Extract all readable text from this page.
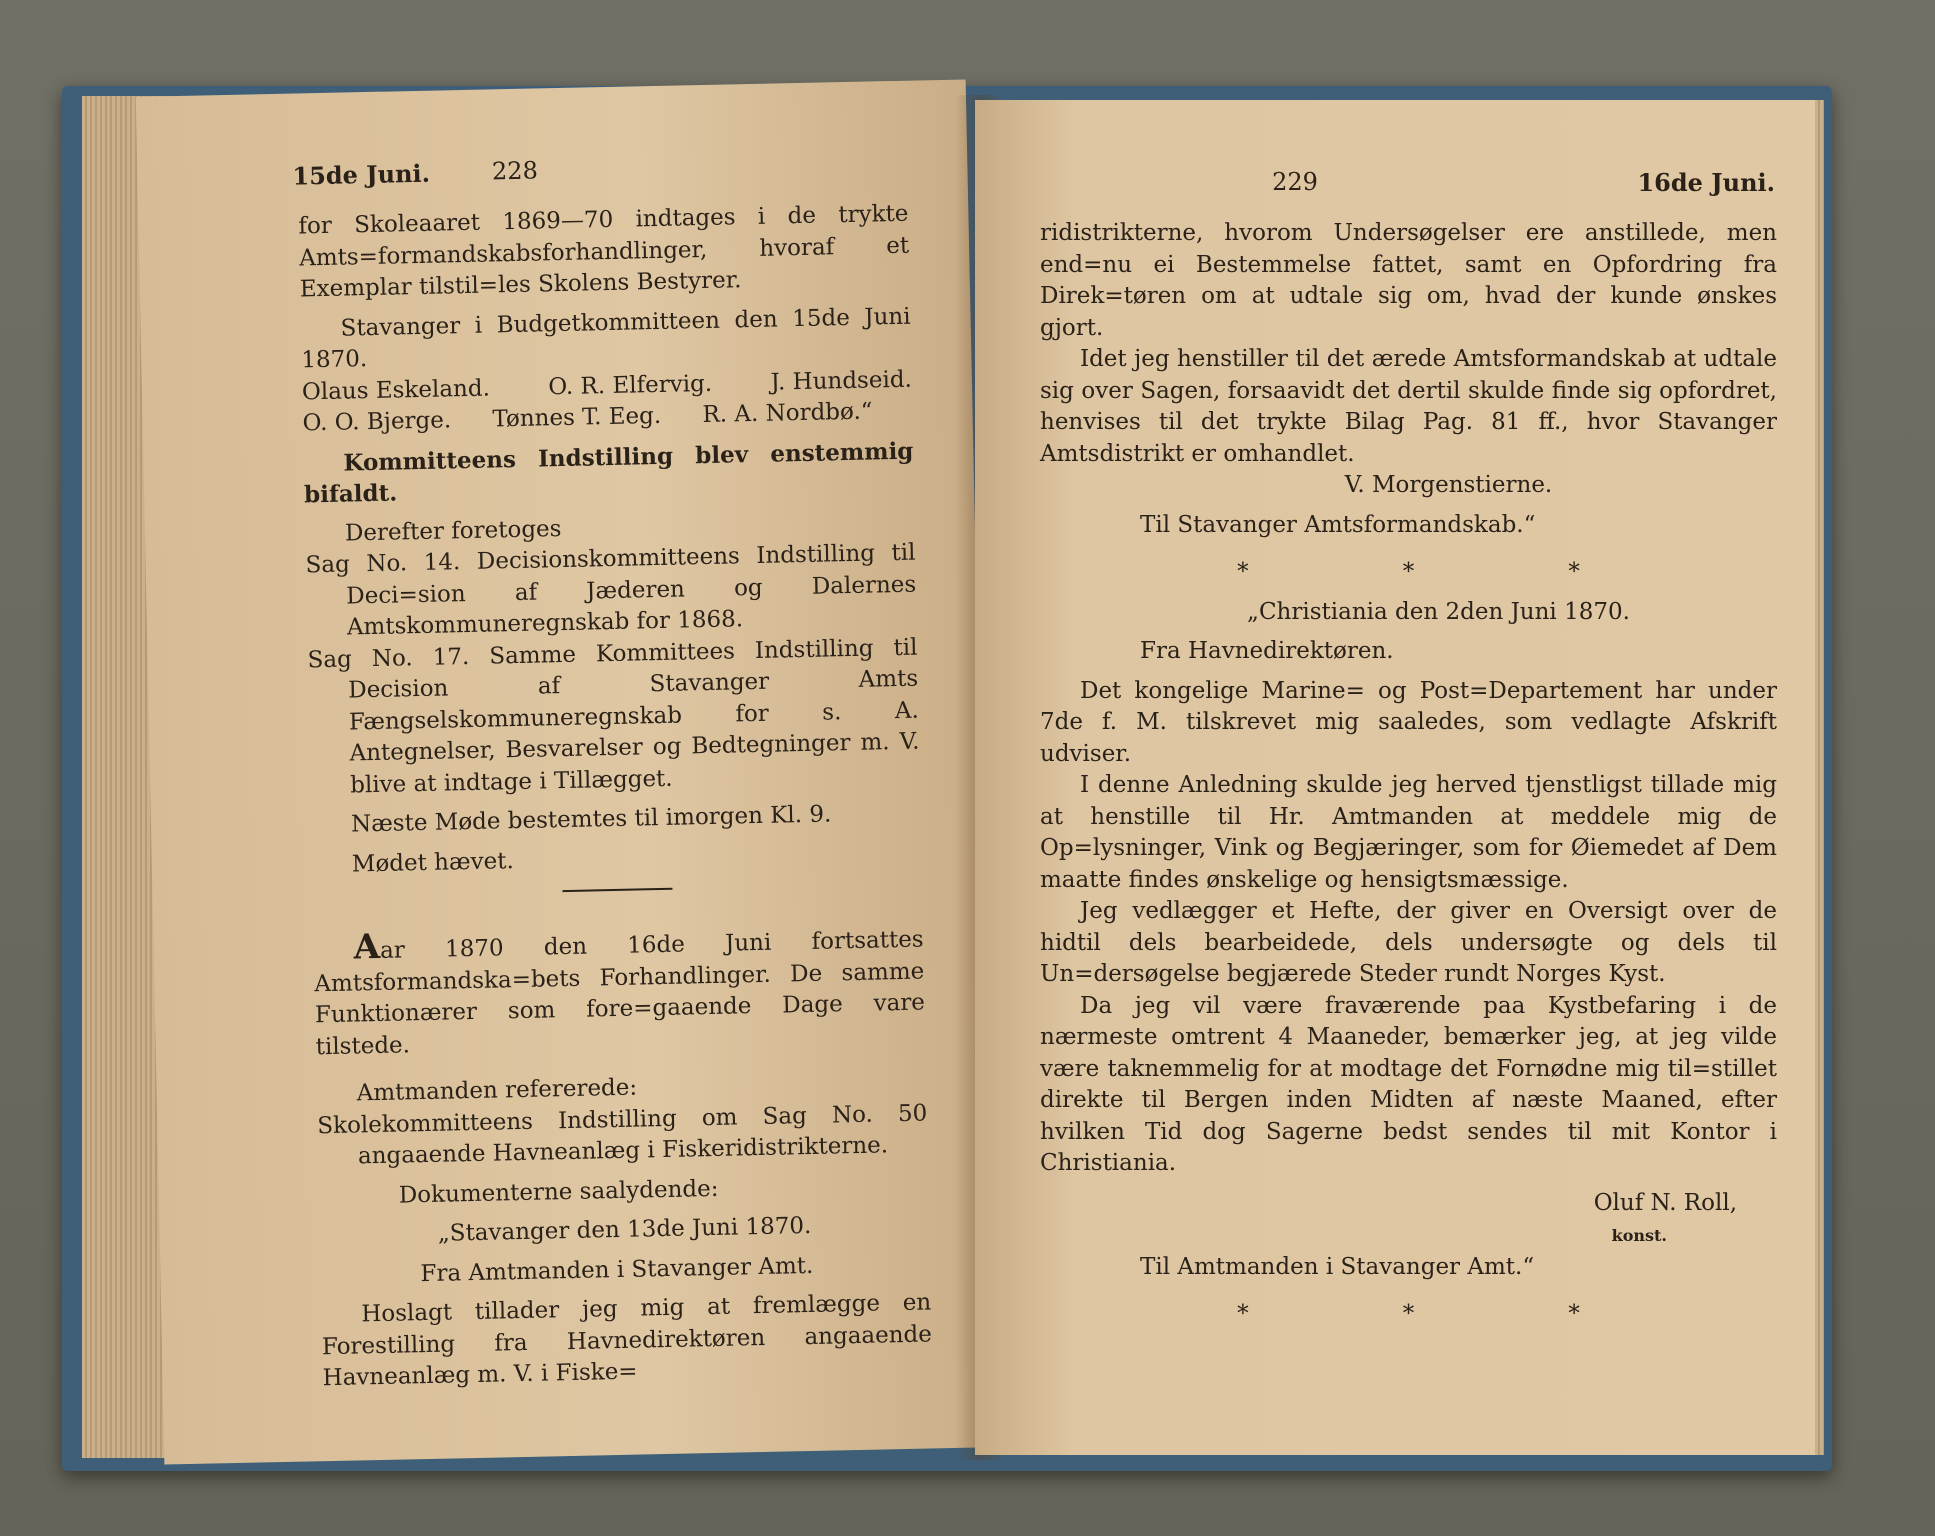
15de Juni.	228

for Skoleaaret 1869—70 indtages i de trykte Amts=formandskabsforhandlinger, hvoraf et Exemplar tilstil=les Skolens Bestyrer.

Stavanger i Budgetkommitteen den 15de Juni 1870.

Olaus Eskeland.	O. R. Elfervig.	J. Hundseid.
O. O. Bjerge. Tønnes T. Eeg. R. A. Nordbø.“

Kommitteens Indstilling blev enstemmig bifaldt.

Derefter foretoges

Sag No. 14. Decisionskommitteens Indstilling til Deci=sion af Jæderen og Dalernes Amtskommuneregnskab for 1868.

Sag No. 17. Samme Kommittees Indstilling til Decision af Stavanger Amts Fængselskommuneregnskab for s. A. Antegnelser, Besvarelser og Bedtegninger m. V. blive at indtage i Tillægget.

Næste Møde bestemtes til imorgen Kl. 9.

Mødet hævet.

Aar 1870 den 16de Juni fortsattes Amtsformandska=bets Forhandlinger. De samme Funktionærer som fore=gaaende Dage vare tilstede.

Amtmanden refererede:

Skolekommitteens Indstilling om Sag No. 50 angaaende Havneanlæg i Fiskeridistrikterne.

Dokumenterne saalydende:

„Stavanger den 13de Juni 1870.

Fra Amtmanden i Stavanger Amt.

Hoslagt tillader jeg mig at fremlægge en Forestilling fra Havnedirektøren angaaende Havneanlæg m. V. i Fiske=

229	16de Juni.

ridistrikterne, hvorom Undersøgelser ere anstillede, men end=nu ei Bestemmelse fattet, samt en Opfordring fra Direk=tøren om at udtale sig om, hvad der kunde ønskes gjort.

Idet jeg henstiller til det ærede Amtsformandskab at udtale sig over Sagen, forsaavidt det dertil skulde finde sig opfordret, henvises til det trykte Bilag Pag. 81 ff., hvor Stavanger Amtsdistrikt er omhandlet.

V. Morgenstierne.

Til Stavanger Amtsformandskab.“

*	*	*

„Christiania den 2den Juni 1870.

Fra Havnedirektøren.

Det kongelige Marine= og Post=Departement har under 7de f. M. tilskrevet mig saaledes, som vedlagte Afskrift udviser.

I denne Anledning skulde jeg herved tjenstligst tillade mig at henstille til Hr. Amtmanden at meddele mig de Op=lysninger, Vink og Begjæringer, som for Øiemedet af Dem maatte findes ønskelige og hensigtsmæssige.

Jeg vedlægger et Hefte, der giver en Oversigt over de hidtil dels bearbeidede, dels undersøgte og dels til Un=dersøgelse begjærede Steder rundt Norges Kyst.

Da jeg vil være fraværende paa Kystbefaring i de nærmeste omtrent 4 Maaneder, bemærker jeg, at jeg vilde være taknemmelig for at modtage det Fornødne mig til=stillet direkte til Bergen inden Midten af næste Maaned, efter hvilken Tid dog Sagerne bedst sendes til mit Kontor i Christiania.

Oluf N. Roll,

konst.

Til Amtmanden i Stavanger Amt.“

*	*	*
